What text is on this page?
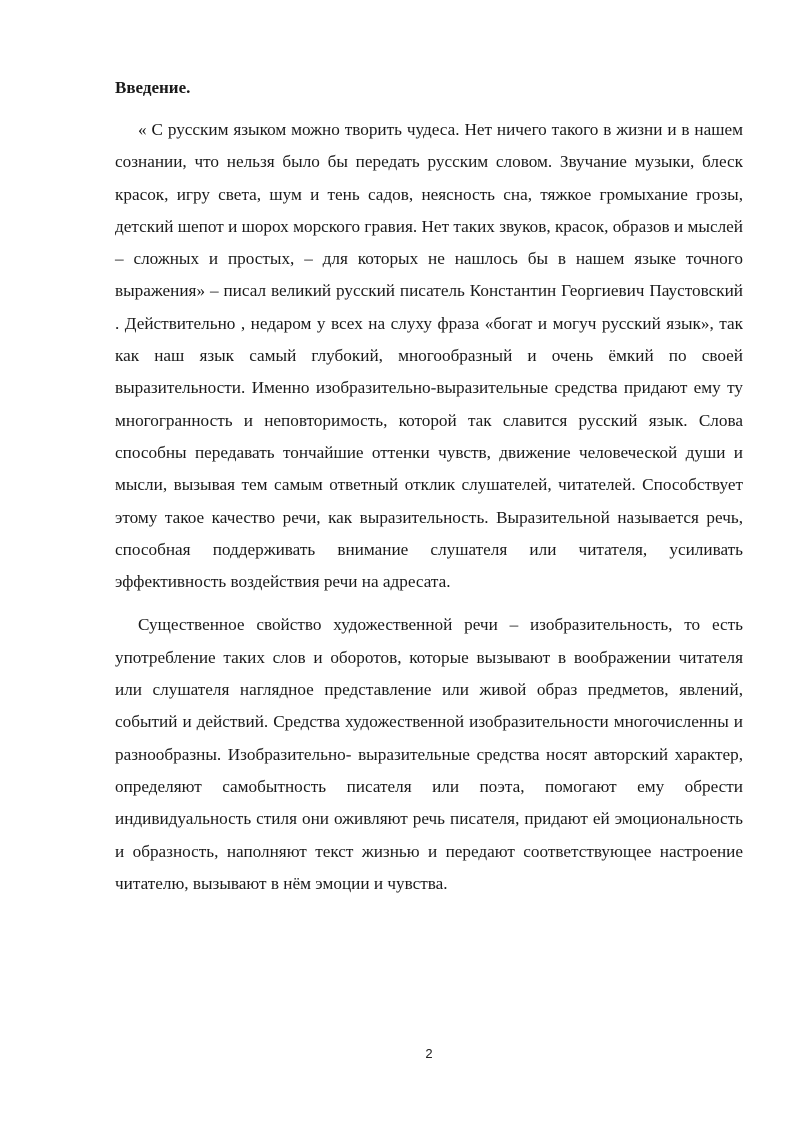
Введение.

« С русским языком можно творить чудеса. Нет ничего такого в жизни и в нашем сознании, что нельзя было бы передать русским словом. Звучание музыки, блеск красок, игру света, шум и тень садов, неясность сна, тяжкое громыхание грозы, детский шепот и шорох морского гравия. Нет таких звуков, красок, образов и мыслей – сложных и простых, – для которых не нашлось бы в нашем языке точного выражения» – писал великий русский писатель Константин Георгиевич Паустовский . Действительно , недаром у всех на слуху фраза «богат и могуч русский язык», так как наш язык самый глубокий, многообразный и очень ёмкий по своей выразительности. Именно изобразительно-выразительные средства придают ему ту многогранность и неповторимость, которой так славится русский язык. Слова способны передавать тончайшие оттенки чувств, движение человеческой души и мысли, вызывая тем самым ответный отклик слушателей, читателей. Способствует этому такое качество речи, как выразительность. Выразительной называется речь, способная поддерживать внимание слушателя или читателя, усиливать эффективность воздействия речи на адресата.

Существенное свойство художественной речи – изобразительность, то есть употребление таких слов и оборотов, которые вызывают в воображении читателя или слушателя наглядное представление или живой образ предметов, явлений, событий и действий. Средства художественной изобразительности многочисленны и разнообразны. Изобразительно- выразительные средства носят авторский характер, определяют самобытность писателя или поэта, помогают ему обрести индивидуальность стиля они оживляют речь писателя, придают ей эмоциональность и образность, наполняют текст жизнью и передают соответствующее настроение читателю, вызывают в нём эмоции и чувства.

2
